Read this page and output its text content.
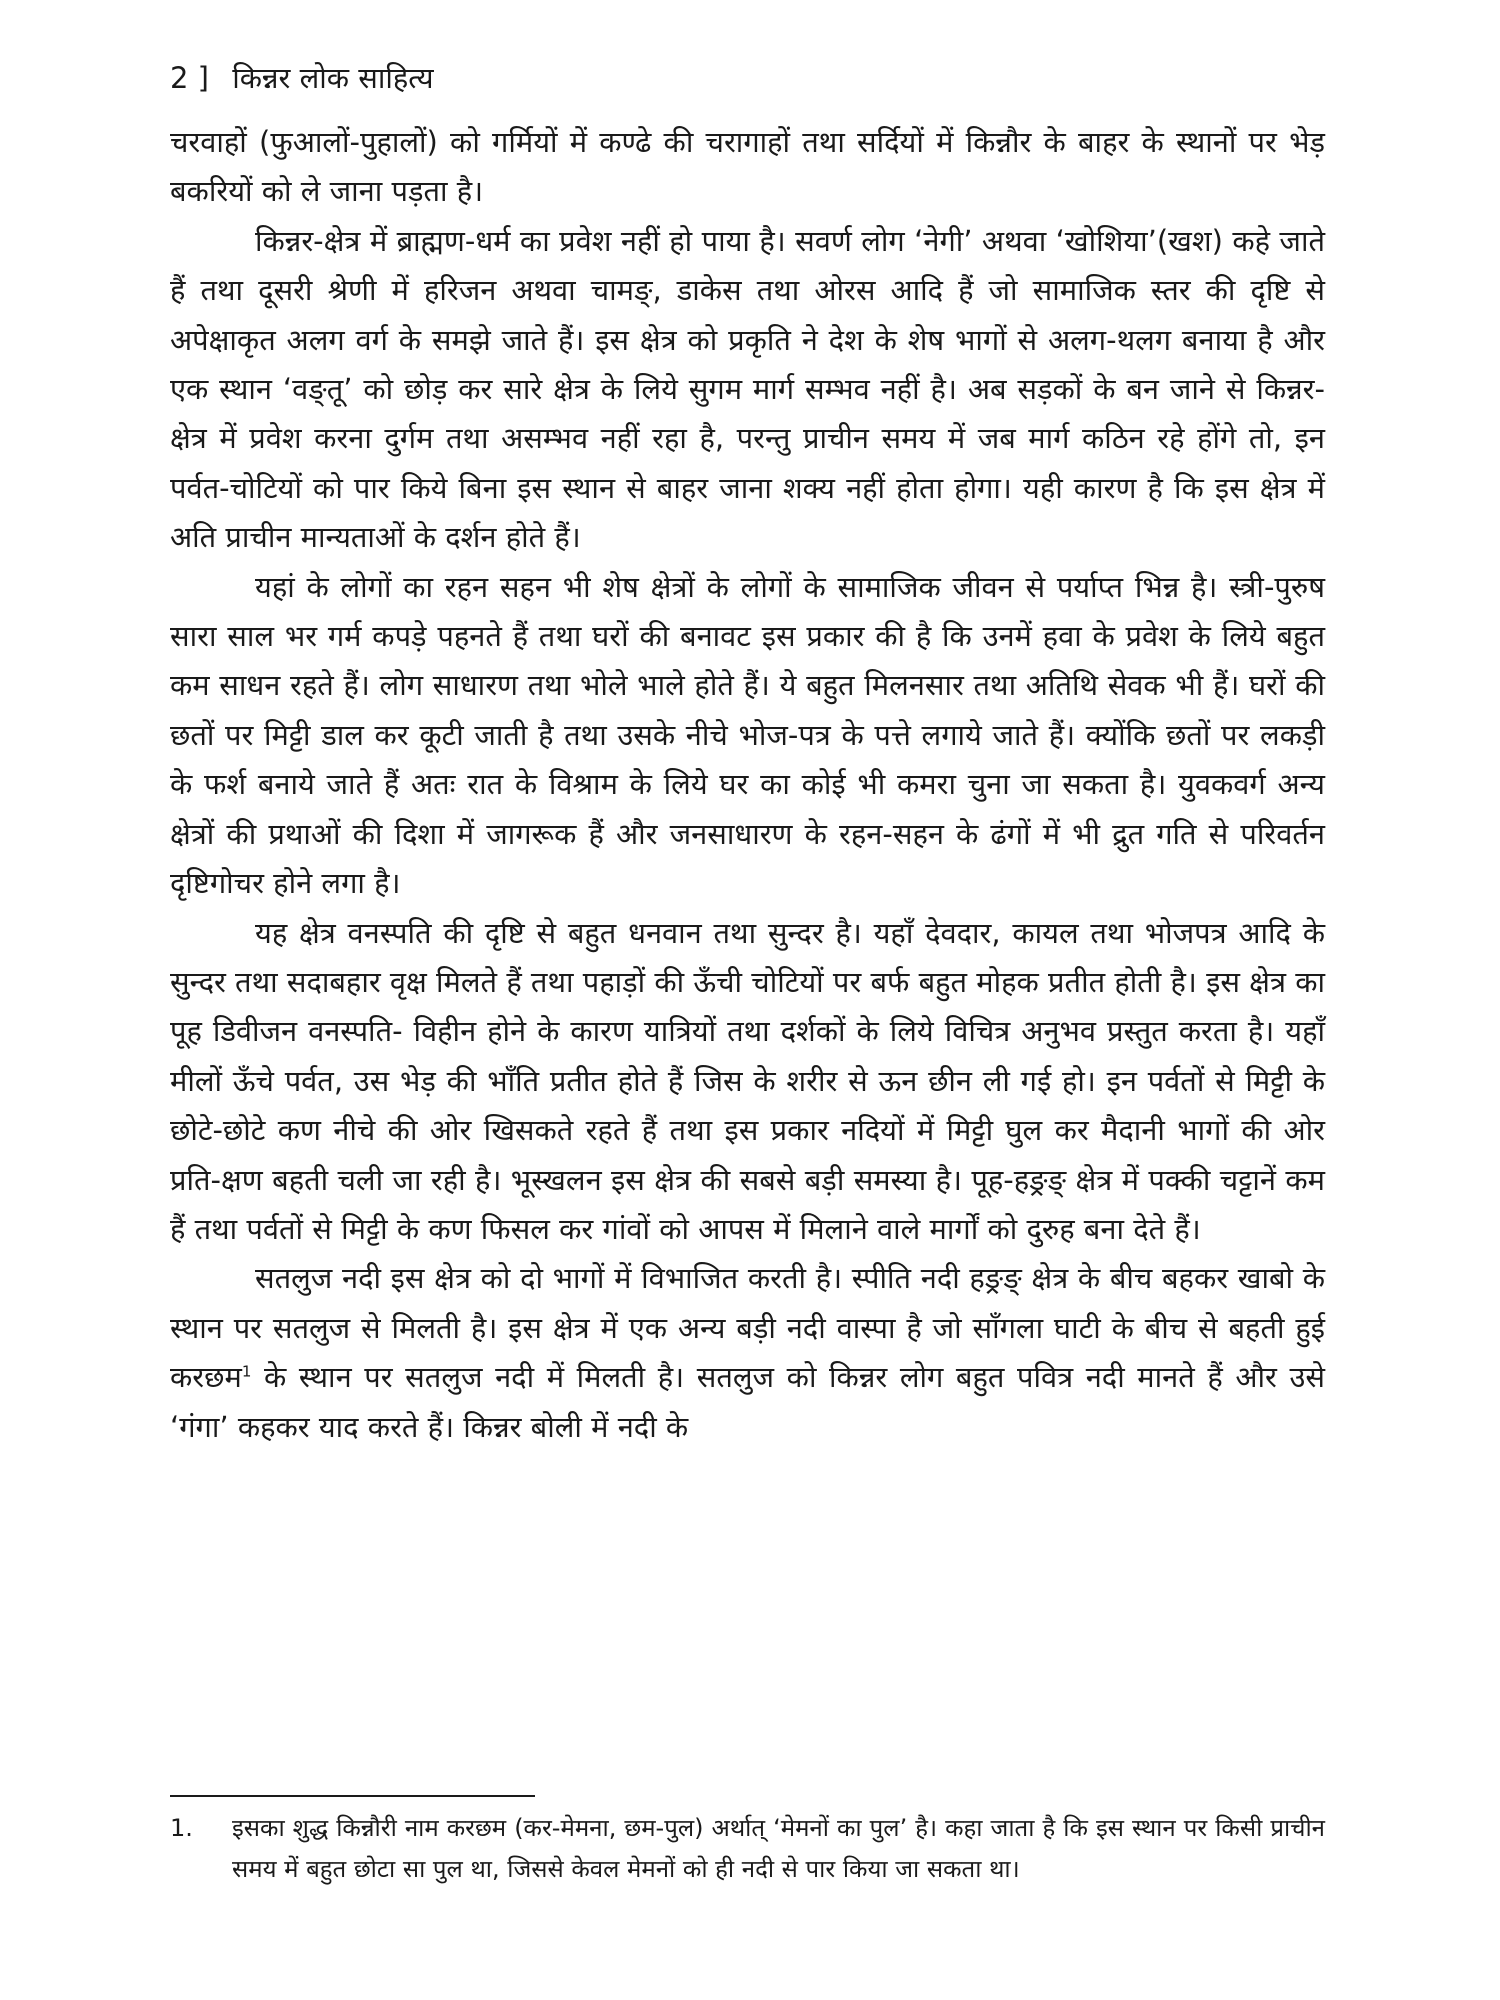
2 ] किन्नर लोक साहित्य

चरवाहों (फुआलों-पुहालों) को गर्मियों में कण्ढे की चरागाहों तथा सर्दियों में किन्नौर के बाहर के स्थानों पर भेड़ बकरियों को ले जाना पड़ता है।

किन्नर-क्षेत्र में ब्राह्मण-धर्म का प्रवेश नहीं हो पाया है। सवर्ण लोग ‘नेगी’ अथवा ‘खोशिया’(खश) कहे जाते हैं तथा दूसरी श्रेणी में हरिजन अथवा चामङ्, डाकेस तथा ओरस आदि हैं जो सामाजिक स्तर की दृष्टि से अपेक्षाकृत अलग वर्ग के समझे जाते हैं। इस क्षेत्र को प्रकृति ने देश के शेष भागों से अलग-थलग बनाया है और एक स्थान ‘वङ्तू’ को छोड़ कर सारे क्षेत्र के लिये सुगम मार्ग सम्भव नहीं है। अब सड़कों के बन जाने से किन्नर-क्षेत्र में प्रवेश करना दुर्गम तथा असम्भव नहीं रहा है, परन्तु प्राचीन समय में जब मार्ग कठिन रहे होंगे तो, इन पर्वत-चोटियों को पार किये बिना इस स्थान से बाहर जाना शक्य नहीं होता होगा। यही कारण है कि इस क्षेत्र में अति प्राचीन मान्यताओं के दर्शन होते हैं।

यहां के लोगों का रहन सहन भी शेष क्षेत्रों के लोगों के सामाजिक जीवन से पर्याप्त भिन्न है। स्त्री-पुरुष सारा साल भर गर्म कपड़े पहनते हैं तथा घरों की बनावट इस प्रकार की है कि उनमें हवा के प्रवेश के लिये बहुत कम साधन रहते हैं। लोग साधारण तथा भोले भाले होते हैं। ये बहुत मिलनसार तथा अतिथि सेवक भी हैं। घरों की छतों पर मिट्टी डाल कर कूटी जाती है तथा उसके नीचे भोज-पत्र के पत्ते लगाये जाते हैं। क्योंकि छतों पर लकड़ी के फर्श बनाये जाते हैं अतः रात के विश्राम के लिये घर का कोई भी कमरा चुना जा सकता है। युवकवर्ग अन्य क्षेत्रों की प्रथाओं की दिशा में जागरूक हैं और जनसाधारण के रहन-सहन के ढंगों में भी द्रुत गति से परिवर्तन दृष्टिगोचर होने लगा है।

यह क्षेत्र वनस्पति की दृष्टि से बहुत धनवान तथा सुन्दर है। यहाँ देवदार, कायल तथा भोजपत्र आदि के सुन्दर तथा सदाबहार वृक्ष मिलते हैं तथा पहाड़ों की ऊँची चोटियों पर बर्फ बहुत मोहक प्रतीत होती है। इस क्षेत्र का पूह डिवीजन वनस्पति- विहीन होने के कारण यात्रियों तथा दर्शकों के लिये विचित्र अनुभव प्रस्तुत करता है। यहाँ मीलों ऊँचे पर्वत, उस भेड़ की भाँति प्रतीत होते हैं जिस के शरीर से ऊन छीन ली गई हो। इन पर्वतों से मिट्टी के छोटे-छोटे कण नीचे की ओर खिसकते रहते हैं तथा इस प्रकार नदियों में मिट्टी घुल कर मैदानी भागों की ओर प्रति-क्षण बहती चली जा रही है। भूस्खलन इस क्षेत्र की सबसे बड़ी समस्या है। पूह-हङ्रङ् क्षेत्र में पक्की चट्टानें कम हैं तथा पर्वतों से मिट्टी के कण फिसल कर गांवों को आपस में मिलाने वाले मार्गों को दुरुह बना देते हैं।

सतलुज नदी इस क्षेत्र को दो भागों में विभाजित करती है। स्पीति नदी हङ्रङ् क्षेत्र के बीच बहकर खाबो के स्थान पर सतलुज से मिलती है। इस क्षेत्र में एक अन्य बड़ी नदी वास्पा है जो साँगला घाटी के बीच से बहती हुई करछम$^1$ के स्थान पर सतलुज नदी में मिलती है। सतलुज को किन्नर लोग बहुत पवित्र नदी मानते हैं और उसे ‘गंगा’ कहकर याद करते हैं। किन्नर बोली में नदी के

1.	इसका शुद्ध किन्नौरी नाम करछम (कर-मेमना, छम-पुल) अर्थात् ‘मेमनों का पुल’ है। कहा जाता है कि इस स्थान पर किसी प्राचीन समय में बहुत छोटा सा पुल था, जिससे केवल मेमनों को ही नदी से पार किया जा सकता था।
